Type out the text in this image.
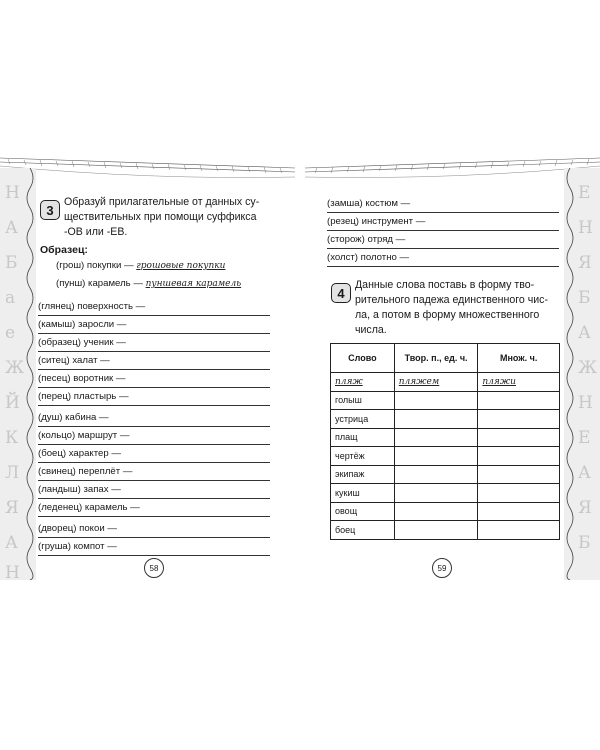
Н
А
Б
а
е
Ж
Й
К
Л
Я
А
Н
3
Образуй прилагательные от данных су-
ществительных при помощи суффикса
-ОВ или -ЕВ.
Образец:
(грош) покупки — грошовые покупки
(пунш) карамель — пуншевая карамель
(глянец) поверхность —
(камыш) заросли —
(образец) ученик —
(ситец) халат —
(песец) воротник —
(перец) пластырь —
(душ) кабина —
(кольцо) маршрут —
(боец) характер —
(свинец) переплёт —
(ландыш) запах —
(леденец) карамель —
(дворец) покои —
(груша) компот —
58
Е
Н
Я
Б
А
Ж
Н
Е
А
Я
Б
(замша) костюм —
(резец) инструмент —
(сторож) отряд —
(холст) полотно —
4
Данные слова поставь в форму тво-
рительного падежа единственного чис-
ла, а потом в форму множественного
числа.
Слово	Твор. п., ед. ч.	Множ. ч.
пляж	пляжем	пляжи
голыш		
устрица		
плащ		
чертёж		
экипаж		
кукиш		
овощ		
боец		
59
